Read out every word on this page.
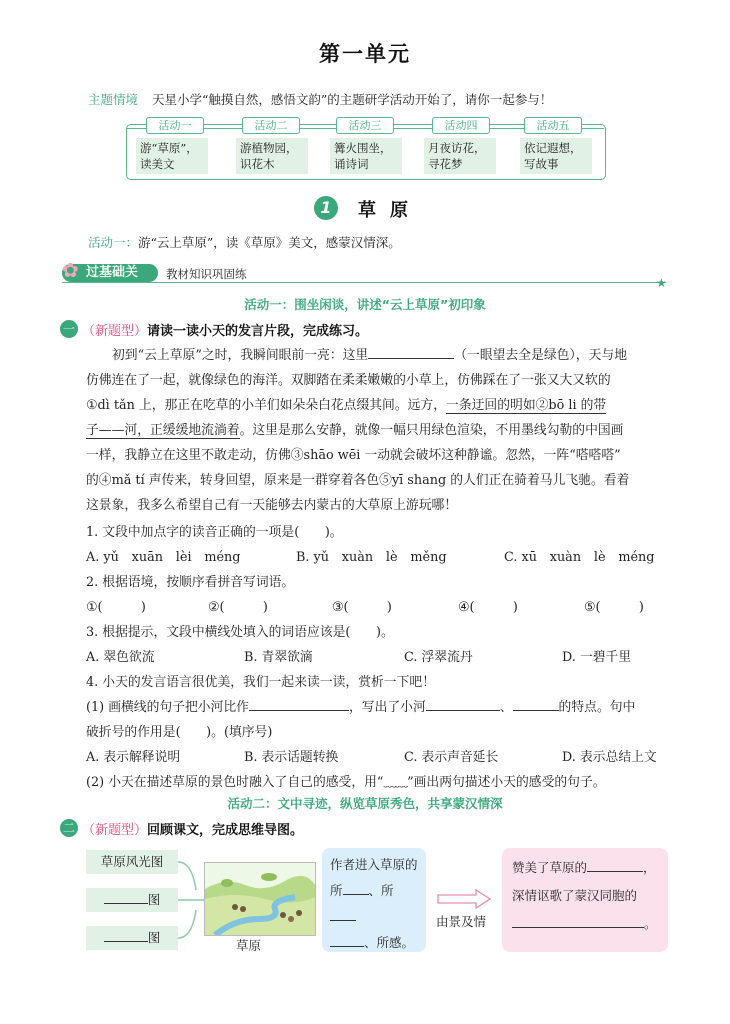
第一单元
主题情境 天星小学“触摸自然，感悟文韵”的主题研学活动开始了，请你一起参与！
活动一	活动二	活动三	活动四	活动五
游“草原”，
读美文
游植物园，
识花木
篝火围坐，
诵诗词
月夜访花，
寻花梦
依记遐想，
写故事
1	草原
活动一：游“云上草原”，读《草原》美文，感蒙汉情深。
过基础关
✿	教材知识巩固练
★
活动一：围坐闲谈，讲述“云上草原”初印象
一 （新题型）请读一读小天的发言片段，完成练习。
初到“云上草原”之时，我瞬间眼前一亮：这里	（一眼望去全是绿色），天与地
仿佛连在了一起，就像绿色的海洋。双脚踏在柔柔嫩嫩的小草上，仿佛踩在了一张又大又软的
①dì tǎn 上，那正在吃草的小羊们如朵朵白花点缀其间。远方，一条迂回的明如②bō li 的带
子——河，正缓缓地流淌着。这里是那么安静，就像一幅只用绿色渲染，不用墨线勾勒的中国画
一样，我静立在这里不敢走动，仿佛③shāo wēi 一动就会破坏这种静谧。忽然，一阵“嗒嗒嗒”
的④mǎ tí 声传来，转身回望，原来是一群穿着各色⑤yī shang 的人们正在骑着马儿飞驰。看着
这景象，我多么希望自己有一天能够去内蒙古的大草原上游玩哪！
1. 文段中加点字的读音正确的一项是(　　)。
A. yǔ　xuān　lèi　méng	B. yǔ　xuàn　lè　měng	C. xū　xuàn　lè　méng
2. 根据语境，按顺序看拼音写词语。
①(　　　)	②(　　　)	③(　　　)	④(　　　)	⑤(　　　)
3. 根据提示，文段中横线处填入的词语应该是(　　)。
A. 翠色欲流	B. 青翠欲滴	C. 浮翠流丹	D. 一碧千里
4. 小天的发言语言很优美，我们一起来读一读，赏析一下吧！
(1) 画横线的句子把小河比作	，写出了小河	、	的特点。句中
破折号的作用是(　　)。(填序号)
A. 表示解释说明	B. 表示话题转换	C. 表示声音延长	D. 表示总结上文
(2) 小天在描述草原的景色时融入了自己的感受，用“﹏﹏”画出两句描述小天的感受的句子。
活动二：文中寻迹，纵览草原秀色，共享蒙汉情深
二 （新题型）回顾课文，完成思维导图。
草原风光图
图
图
草原
作者进入草原的
所 、所
、所感。
由景及情
赞美了草原的	，
深情讴歌了蒙汉同胞的
。
